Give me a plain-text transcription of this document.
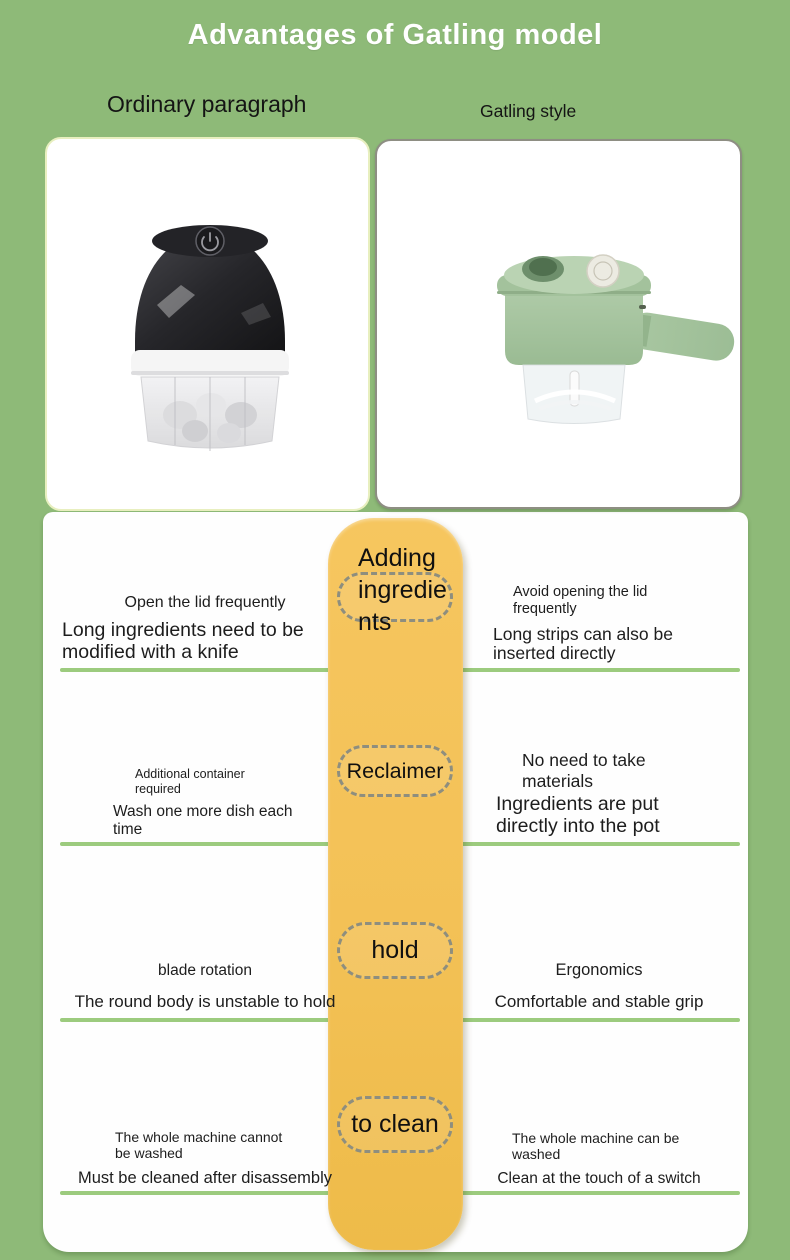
Advantages of Gatling model
Ordinary paragraph	Gatling style
Open the lid frequently
Long ingredients need to be modified with a knife
Avoid opening the lid frequently
Long strips can also be inserted directly
Additional container required
Wash one more dish each time
No need to take materials
Ingredients are put directly into the pot
blade rotation
The round body is unstable to hold
Ergonomics
Comfortable and stable grip
The whole machine cannot be washed
Must be cleaned after disassembly
The whole machine can be washed
Clean at the touch of a switch
Adding ingredients
Reclaimer
hold
to clean
